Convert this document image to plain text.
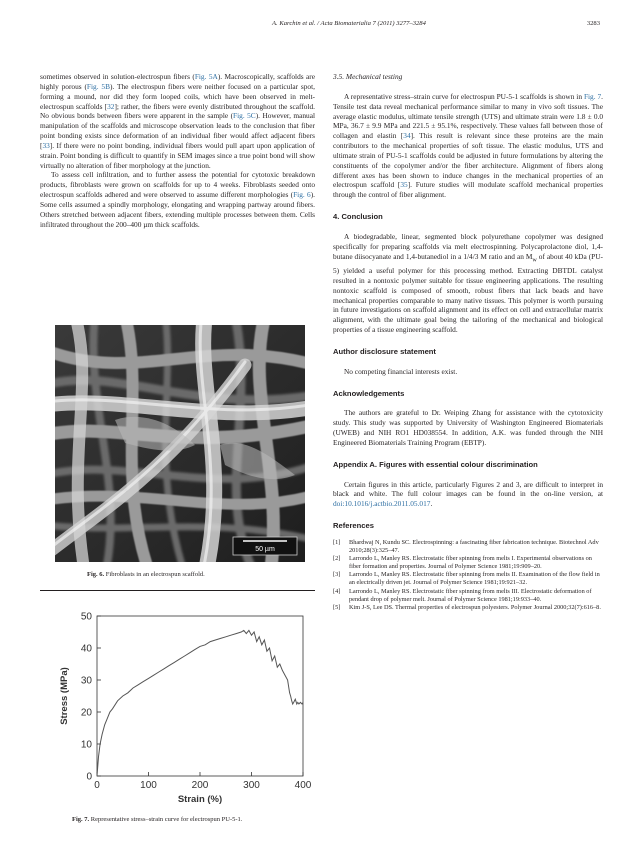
A. Karchin et al. / Acta Biomaterialia 7 (2011) 3277–3284	3283

sometimes observed in solution-electrospun fibers (Fig. 5A). Macroscopically, scaffolds are highly porous (Fig. 5B). The electrospun fibers were neither focused on a particular spot, forming a mound, nor did they form looped coils, which have been observed in melt-electrospun scaffolds [32]; rather, the fibers were evenly distributed throughout the scaffold. No obvious bonds between fibers were apparent in the sample (Fig. 5C). However, manual manipulation of the scaffolds and microscope observation leads to the conclusion that fiber point bonding exists since deformation of an individual fiber would affect adjacent fibers [33]. If there were no point bonding, individual fibers would pull apart upon application of strain. Point bonding is difficult to quantify in SEM images since a true point bond will show virtually no alteration of fiber morphology at the junction.

To assess cell infiltration, and to further assess the potential for cytotoxic breakdown products, fibroblasts were grown on scaffolds for up to 4 weeks. Fibroblasts seeded onto electrospun scaffolds adhered and were observed to assume different morphologies (Fig. 6). Some cells assumed a spindly morphology, elongating and wrapping partway around fibers. Others stretched between adjacent fibers, extending multiple processes between them. Cells infiltrated throughout the 200–400 µm thick scaffolds.

50 µm
Fig. 6. Fibroblasts in an electrospun scaffold.
0
10
20
30
40
50
0	100	200	300	400
Strain (%)
Stress (MPa)
Fig. 7. Representative stress–strain curve for electrospun PU-5-1.
3.5. Mechanical testing

A representative stress–strain curve for electrospun PU-5-1 scaffolds is shown in Fig. 7. Tensile test data reveal mechanical performance similar to many in vivo soft tissues. The average elastic modulus, ultimate tensile strength (UTS) and ultimate strain were 1.8 ± 0.0 MPa, 36.7 ± 9.9 MPa and 221.5 ± 95.1%, respectively. These values fall between those of collagen and elastin [34]. This result is relevant since these proteins are the main contributors to the mechanical properties of soft tissue. The elastic modulus, UTS and ultimate strain of PU-5-1 scaffolds could be adjusted in future formulations by altering the constituents of the copolymer and/or the fiber architecture. Alignment of fibers along different axes has been shown to induce changes in the mechanical properties of an electrospun scaffold [35]. Future studies will modulate scaffold mechanical properties through the control of fiber alignment.

4. Conclusion

A biodegradable, linear, segmented block polyurethane copolymer was designed specifically for preparing scaffolds via melt electrospinning. Polycaprolactone diol, 1,4-butane diisocyanate and 1,4-butanediol in a 1/4/3 M ratio and an $M_w$ of about 40 kDa (PU-5) yielded a useful polymer for this processing method. Extracting DBTDL catalyst resulted in a nontoxic polymer suitable for tissue engineering applications. The resulting nontoxic scaffold is composed of smooth, robust fibers that lack beads and have mechanical properties comparable to many native tissues. This polymer is worth pursuing in future investigations on scaffold alignment and its effect on cell and extracellular matrix alignment, with the ultimate goal being the tailoring of the mechanical and biological properties of a tissue engineering scaffold.

Author disclosure statement

No competing financial interests exist.

Acknowledgements

The authors are grateful to Dr. Weiping Zhang for assistance with the cytotoxicity study. This study was supported by University of Washington Engineered Biomaterials (UWEB) and NIH RO1 HD038554. In addition, A.K. was funded through the NIH Engineered Biomaterials Training Program (EBTP).

Appendix A. Figures with essential colour discrimination

Certain figures in this article, particularly Figures 2 and 3, are difficult to interpret in black and white. The full colour images can be found in the on-line version, at doi:10.1016/j.actbio.2011.05.017.

References
[1] Bhardwaj N, Kundu SC. Electrospinning: a fascinating fiber fabrication technique. Biotechnol Adv 2010;28(3):325–47.
[2] Larrondo L, Manley RS. Electrostatic fiber spinning from melts I. Experimental observations on fiber formation and properties. Journal of Polymer Science 1981;19:909–20.
[3] Larrondo L, Manley RS. Electrostatic fiber spinning from melts II. Examination of the flow field in an electrically driven jet. Journal of Polymer Science 1981;19:921–32.
[4] Larrondo L, Manley RS. Electrostatic fiber spinning from melts III. Electrostatic deformation of pendant drop of polymer melt. Journal of Polymer Science 1981;19:933–40.
[5] Kim J-S, Lee DS. Thermal properties of electrospun polyesters. Polymer Journal 2000;32(7):616–8.
